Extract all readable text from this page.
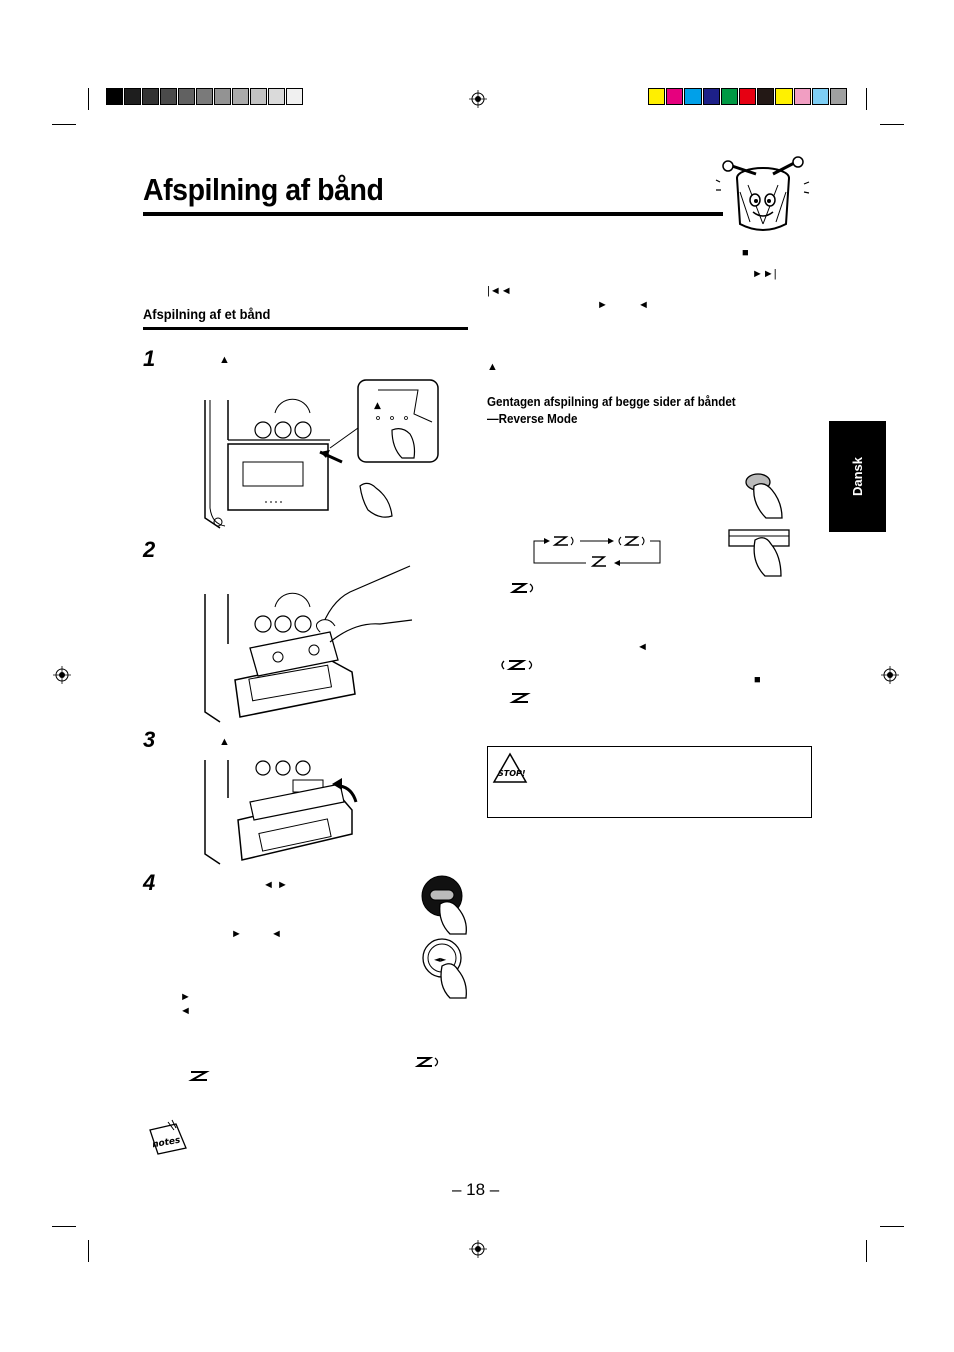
Afspilning af bånd
Afspilning af et bånd
1
2
3
4
▲
▲
◄ ►
►	◄
►
◄
▲
◄►
notes
■
►►|
|◄◄
►	◄
▲
Gentagen afspilning af begge sider af båndet
—Reverse Mode
◄
■
STOP!
Dansk
– 18 –
